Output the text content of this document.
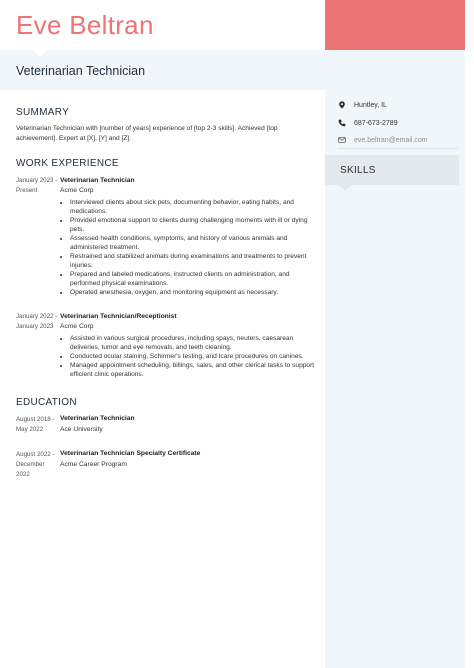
Eve Beltran
Veterinarian Technician
Huntley, IL
687-673-2789
eve.beltran@email.com
SKILLS
SUMMARY

Veterinarian Technician with [number of years] experience of [top 2-3 skills]. Achieved [top achievement]. Expert at [X], [Y] and [Z].

WORK EXPERIENCE
January 2023 - Present
Veterinarian Technician
Acme Corp
• Interviewed clients about sick pets, documenting behavior, eating habits, and medications.
• Provided emotional support to clients during challenging moments with ill or dying pets.
• Assessed health conditions, symptoms, and history of various animals and administered treatment.
• Restrained and stabilized animals during examinations and treatments to prevent injuries.
• Prepared and labeled medications, instructed clients on administration, and performed physical examinations.
• Operated anesthesia, oxygen, and monitoring equipment as necessary.
January 2022 - January 2023
Veterinarian Technician/Receptionist
Acme Corp
• Assisted in various surgical procedures, including spays, neuters, caesarean deliveries, tumor and eye removals, and teeth cleaning.
• Conducted ocular staining, Schirmer's testing, and Icare procedures on canines.
• Managed appointment scheduling, billings, sales, and other clerical tasks to support efficient clinic operations.
EDUCATION
August 2018 - May 2022
Veterinarian Technician
Ace University
August 2022 - December 2022
Veterinarian Technician Specialty Certificate
Acme Career Program
